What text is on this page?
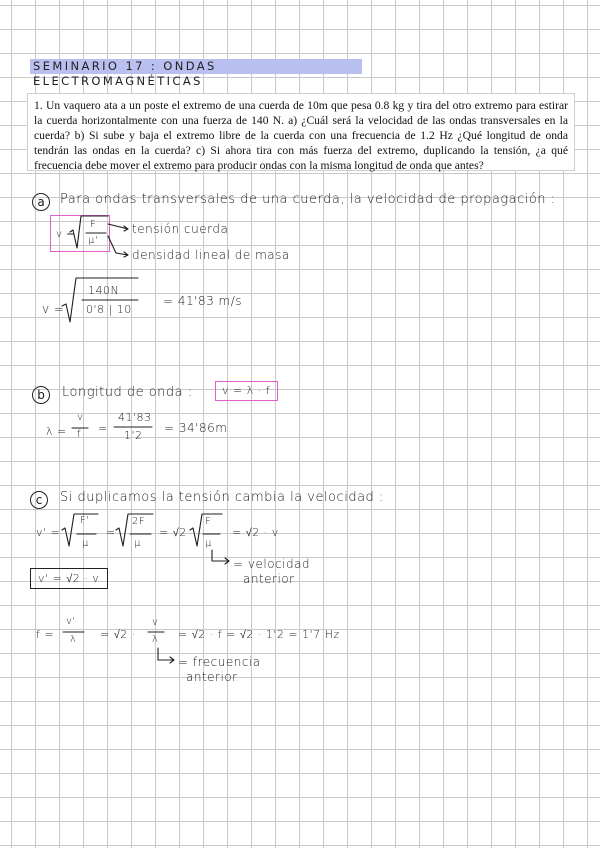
SEMINARIO 17 : ONDAS ELECTROMAGNÉTICAS
1. Un vaquero ata a un poste el extremo de una cuerda de 10m que pesa 0.8 kg y tira del otro extremo para estirar la cuerda horizontalmente con una fuerza de 140 N. a) ¿Cuál será la velocidad de las ondas transversales en la cuerda? b) Si sube y baja el extremo libre de la cuerda con una frecuencia de 1.2 Hz ¿Qué longitud de onda tendrán las ondas en la cuerda? c) Si ahora tira con más fuerza del extremo, duplicando la tensión, ¿a qué frecuencia debe mover el extremo para producir ondas con la misma longitud de onda que antes?
a	Para ondas transversales de una cuerda, la velocidad de propagación :
v =
F
μ'
tensión cuerda
densidad lineal de masa
v =
140N
0'8 | 10
= 41'83 m/s
b	Longitud de onda :	v = λ · f
λ =
v
f =
41'83
1'2
= 34'86m
c	Si duplicamos la tensión cambia la velocidad :
v' =
F'
μ
=
2F
μ
= √2
F
μ
= √2 · v
= velocidad
anterior
v' = √2 · v
f =
v'
λ = √2 ·
v
λ = √2 · f = √2 · 1'2 = 1'7 Hz
= frecuencia
anterior
